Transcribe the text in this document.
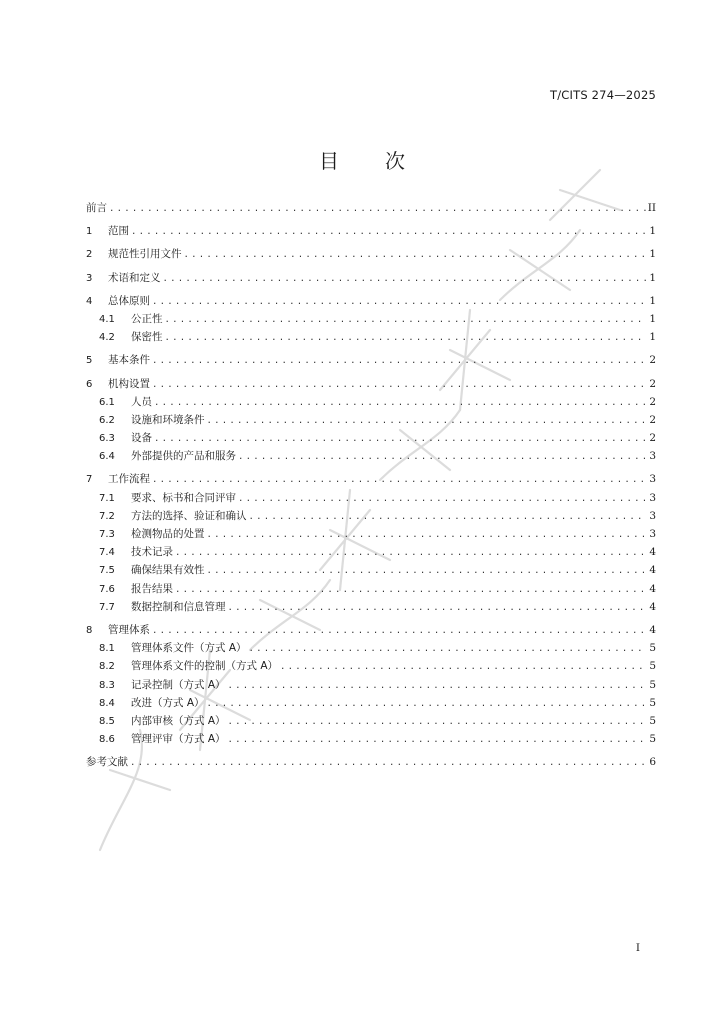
T/CITS 274—2025
目 次
前言 .....	II
1	范围 .....	1
2	规范性引用文件 .....	1
3	术语和定义 .....	1
4	总体原则 .....	1
4.1	公正性 .....	1
4.2	保密性 .....	1
5	基本条件 .....	2
6	机构设置 .....	2
6.1	人员 .....	2
6.2	设施和环境条件 .....	2
6.3	设备 .....	2
6.4	外部提供的产品和服务 .....	3
7	工作流程 .....	3
7.1	要求、标书和合同评审 .....	3
7.2	方法的选择、验证和确认 .....	3
7.3	检测物品的处置 .....	3
7.4	技术记录 .....	4
7.5	确保结果有效性 .....	4
7.6	报告结果 .....	4
7.7	数据控制和信息管理 .....	4
8	管理体系 .....	4
8.1	管理体系文件（方式 A） .....	5
8.2	管理体系文件的控制（方式 A） .....	5
8.3	记录控制（方式 A） .....	5
8.4	改进（方式 A） .....	5
8.5	内部审核（方式 A） .....	5
8.6	管理评审（方式 A） .....	5
参考文献 .....	6
I
